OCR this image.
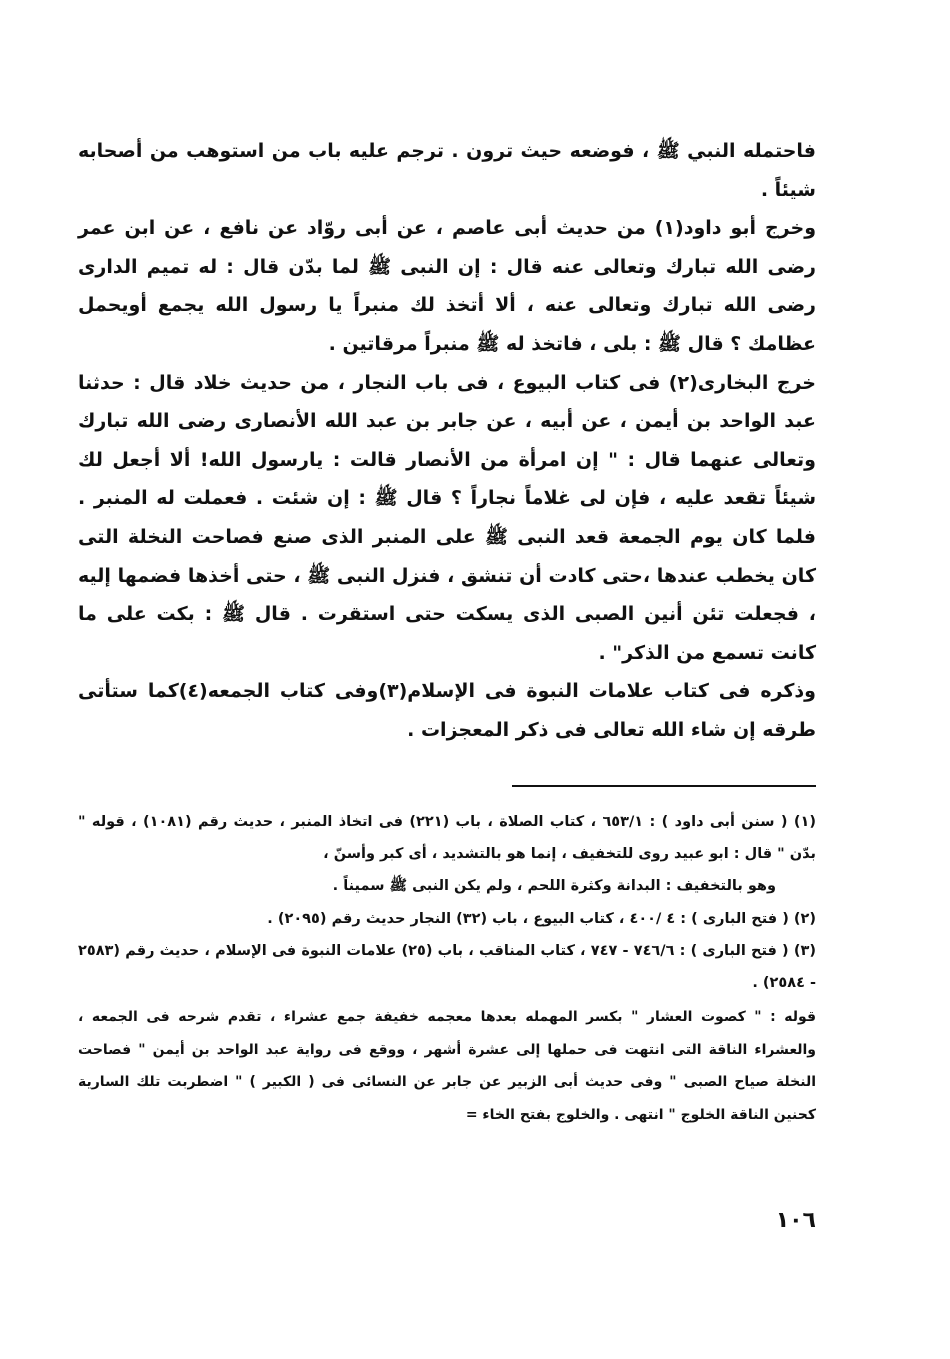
فاحتمله النبي ﷺ ، فوضعه حيث ترون . ترجم عليه باب من استوهب من أصحابه شيئاً .

وخرج أبو داود(١) من حديث أبى عاصم ، عن أبى روّاد عن نافع ، عن ابن عمر رضى الله تبارك وتعالى عنه قال : إن النبى ﷺ لما بدّن قال : له تميم الدارى رضى الله تبارك وتعالى عنه ، ألا أتخذ لك منبراً يا رسول الله يجمع أويحمل عظامك ؟ قال ﷺ : بلى ، فاتخذ له ﷺ منبراً مرقاتين .

خرج البخارى(٢) فى كتاب البيوع ، فى باب النجار ، من حديث خلاد قال : حدثنا عبد الواحد بن أيمن ، عن أبيه ، عن جابر بن عبد الله الأنصارى رضى الله تبارك وتعالى عنهما قال : " إن امرأة من الأنصار قالت : يارسول الله! ألا أجعل لك شيئاً تقعد عليه ، فإن لى غلاماً نجاراً ؟ قال ﷺ : إن شئت . فعملت له المنبر . فلما كان يوم الجمعة قعد النبى ﷺ على المنبر الذى صنع فصاحت النخلة التى كان يخطب عندها ،حتى كادت أن تنشق ، فنزل النبى ﷺ ، حتى أخذها فضمها إليه ، فجعلت تئن أنين الصبى الذى يسكت حتى استقرت . قال ﷺ : بكت على ما كانت تسمع من الذكر" .

وذكره فى كتاب علامات النبوة فى الإسلام(٣)وفى كتاب الجمعه(٤)كما ستأتى طرقه إن شاء الله تعالى فى ذكر المعجزات .

(١) ( سنن أبى داود ) : ٦٥٣/١ ، كتاب الصلاة ، باب (٢٢١) فى اتخاذ المنبر ، حديث رقم (١٠٨١) ، قوله " بدّن " قال : ابو عبيد روى للتخفيف ، إنما هو بالتشديد ، أى كبر وأسنّ ،

وهو بالتخفيف : البدانة وكثرة اللحم ، ولم يكن النبى ﷺ سميناً .

(٢) ( فتح البارى ) : ٤ /٤٠٠ ، كتاب البيوع ، باب (٣٢) النجار حديث رقم (٢٠٩٥) .

(٣) ( فتح البارى ) : ٧٤٦/٦ - ٧٤٧ ، كتاب المناقب ، باب (٢٥) علامات النبوة فى الإسلام ، حديث رقم (٢٥٨٣ - ٢٥٨٤) .

قوله : " كصوت العشار " بكسر المهمله بعدها معجمه خفيفة جمع عشراء ، تقدم شرحه فى الجمعه ، والعشراء الناقة التى انتهت فى حملها إلى عشرة أشهر ، ووقع فى رواية عبد الواحد بن أيمن " فصاحت النخلة صياح الصبى " وفى حديث أبى الزبير عن جابر عن النسائى فى ( الكبير ) " اضطربت تلك السارية كحنين الناقة الخلوج " انتهى . والخلوج بفتح الخاء =

١٠٦
